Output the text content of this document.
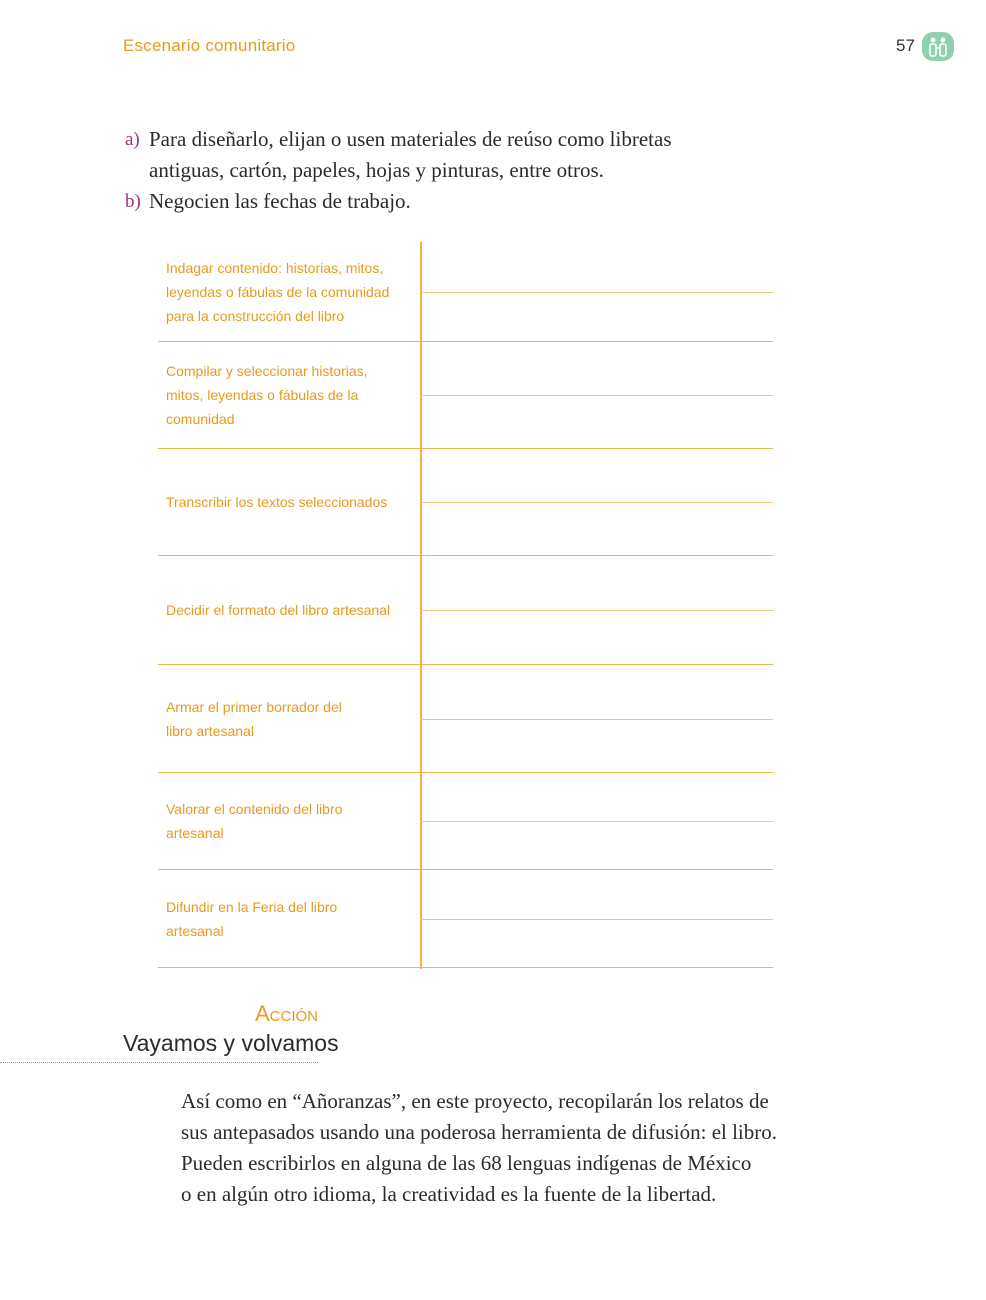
Escenario comunitario	57
a) Para diseñarlo, elijan o usen materiales de reúso como libretas
antiguas, cartón, papeles, hojas y pinturas, entre otros.
b) Negocien las fechas de trabajo.
Indagar contenido: historias, mitos,
leyendas o fábulas de la comunidad
para la construcción del libro
Compilar y seleccionar historias,
mitos, leyendas o fábulas de la
comunidad
Transcribir los textos seleccionados
Decidir el formato del libro artesanal
Armar el primer borrador del
libro artesanal
Valorar el contenido del libro
artesanal
Difundir en la Feria del libro
artesanal
Acción
Vayamos y volvamos
Así como en “Añoranzas”, en este proyecto, recopilarán los relatos de
sus antepasados usando una poderosa herramienta de difusión: el libro.
Pueden escribirlos en alguna de las 68 lenguas indígenas de México
o en algún otro idioma, la creatividad es la fuente de la libertad.
